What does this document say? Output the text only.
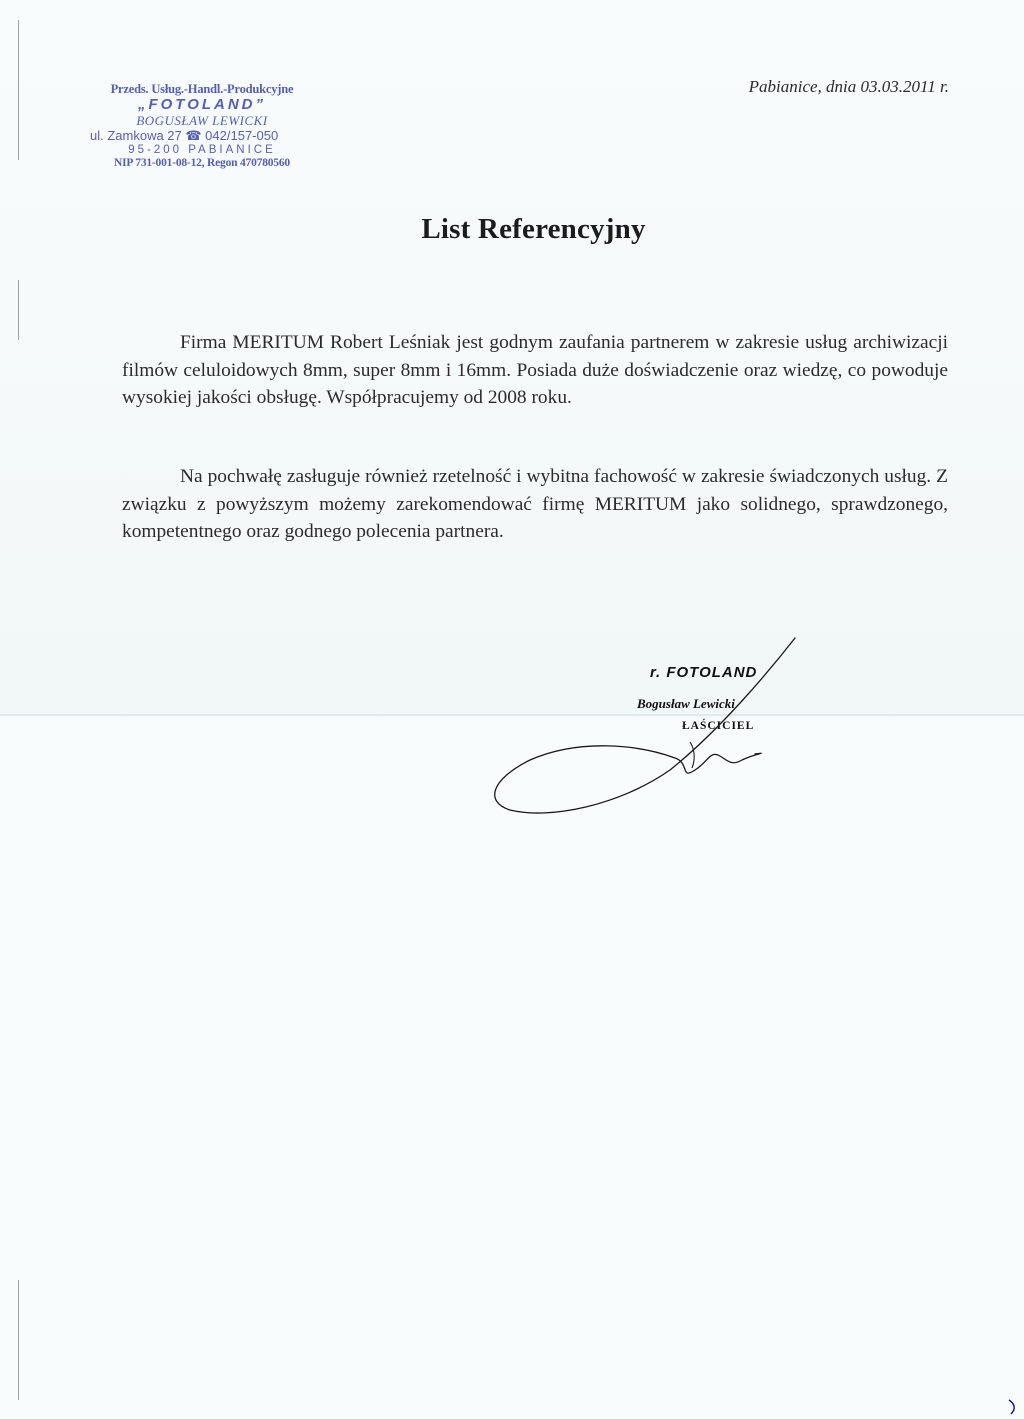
Przeds. Usług.-Handl.-Produkcyjne
„FOTOLAND”
BOGUSŁAW LEWICKI
ul. Zamkowa 27 ☎ 042/157-050
95-200 PABIANICE
NIP 731-001-08-12, Regon 470780560
Pabianice, dnia 03.03.2011 r.
List Referencyjny
Firma MERITUM Robert Leśniak jest godnym zaufania partnerem w zakresie usług archiwizacji filmów celuloidowych 8mm, super 8mm i 16mm. Posiada duże doświadczenie oraz wiedzę, co powoduje wysokiej jakości obsługę. Współpracujemy od 2008 roku.
Na pochwałę zasługuje również rzetelność i wybitna fachowość w zakresie świadczonych usług. Z związku z powyższym możemy zarekomendować firmę MERITUM jako solidnego, sprawdzonego, kompetentnego oraz godnego polecenia partnera.
r. FOTOLAND
Bogusław Lewicki
ŁAŚCICIEL
